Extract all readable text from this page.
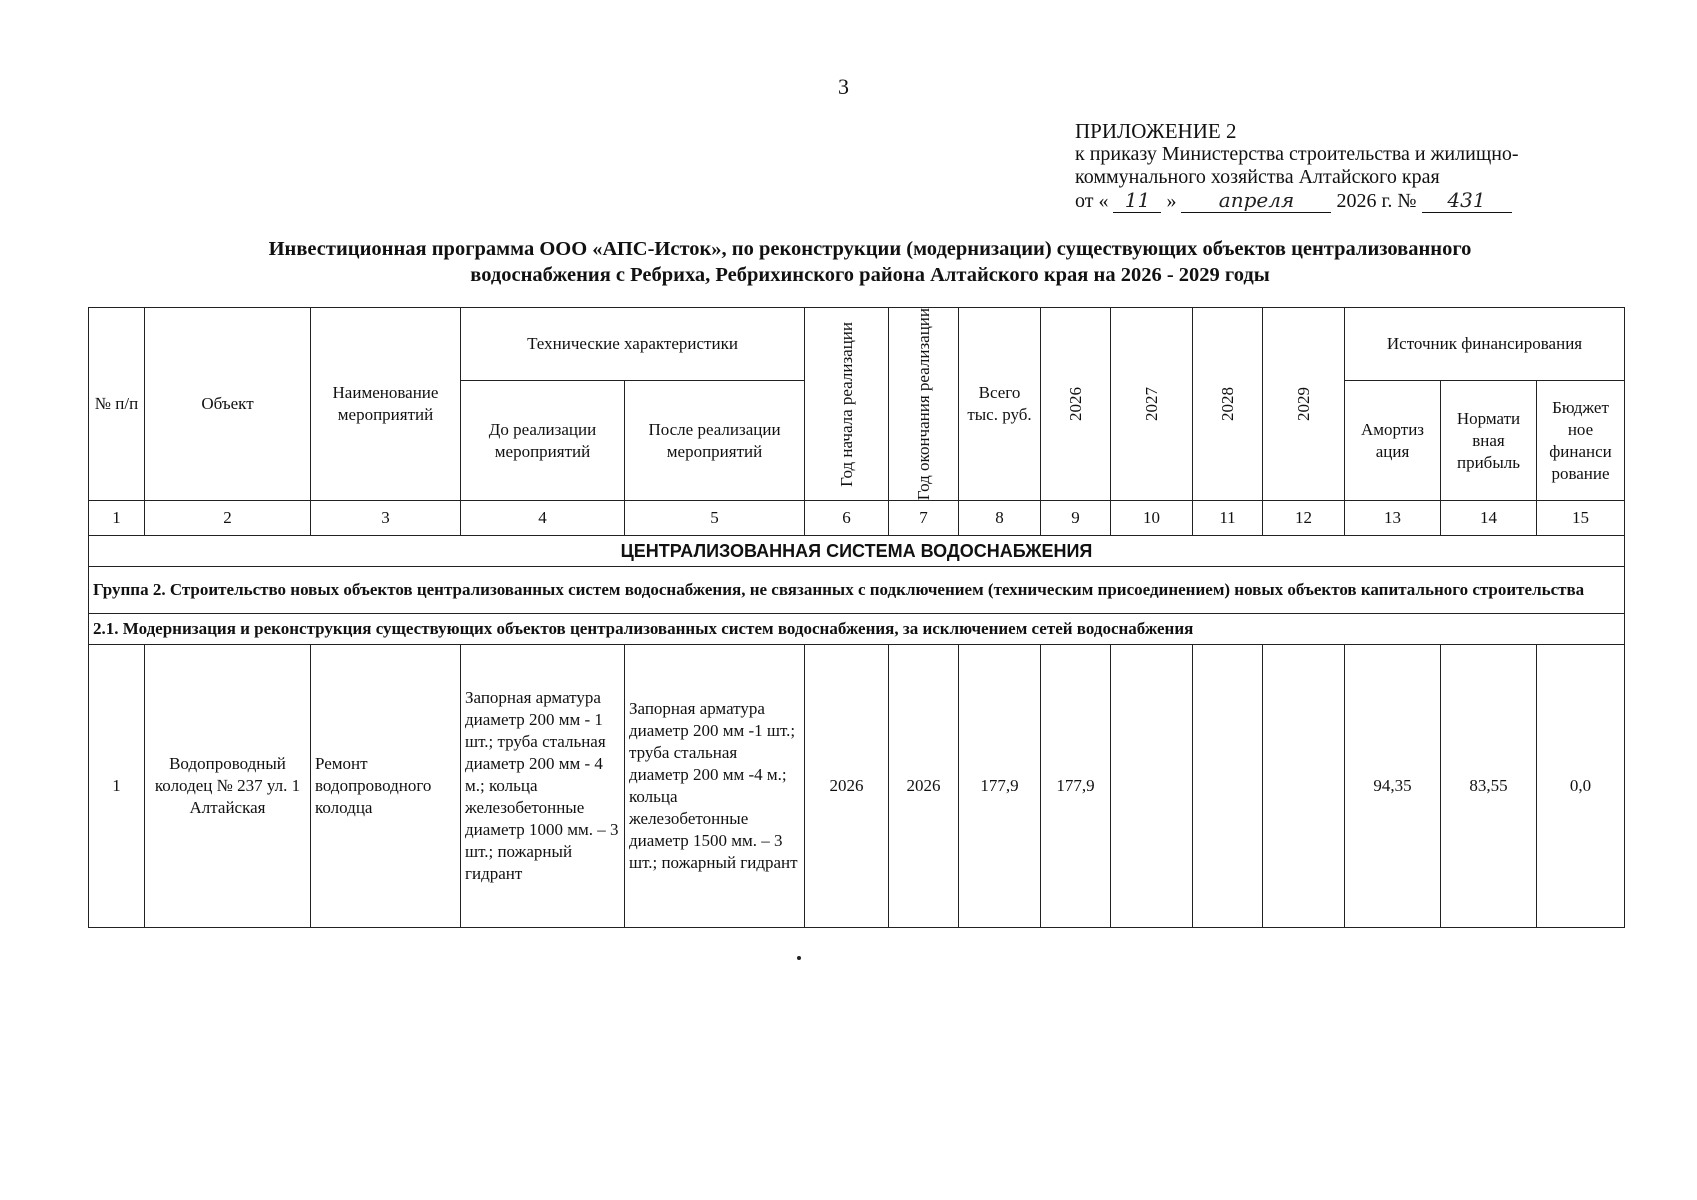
3
ПРИЛОЖЕНИЕ 2
к приказу Министерства строительства и жилищно-
коммунального хозяйства Алтайского края
от « 11 » апреля 2026 г. № 431
Инвестиционная программа ООО «АПС-Исток», по реконструкции (модернизации) существующих объектов централизованного
водоснабжения с Ребриха, Ребрихинского района Алтайского края на 2026 - 2029 годы
№ п/п	Объект	Наименование мероприятий	Технические характеристики		Год начала реализации	Год окончания реализации	Всего тыс. руб.	2026	2027	2028	2029	Источник финансирования		
			До реализации мероприятий	После реализации мероприятий								Амортиз ация	Нормати вная прибыль	Бюджет ное финанси рование
1	2	3	4	5	6	7	8	9	10	11	12	13	14	15
ЦЕНТРАЛИЗОВАННАЯ СИСТЕМА ВОДОСНАБЖЕНИЯ														
Группа 2. Строительство новых объектов централизованных систем водоснабжения, не связанных с подключением (техническим присоединением) новых объектов капитального строительства														
2.1. Модернизация и реконструкция существующих объектов централизованных систем водоснабжения, за исключением сетей водоснабжения														
1	Водопроводный колодец № 237 ул. 1 Алтайская	Ремонт водопроводного колодца	Запорная арматура диаметр 200 мм - 1 шт.; труба стальная диаметр 200 мм - 4 м.; кольца железобетонные диаметр 1000 мм. – 3 шт.; пожарный гидрант	Запорная арматура диаметр 200 мм -1 шт.; труба стальная диаметр 200 мм -4 м.; кольца железобетонные диаметр 1500 мм. – 3 шт.; пожарный гидрант	2026	2026	177,9	177,9				94,35	83,55	0,0
